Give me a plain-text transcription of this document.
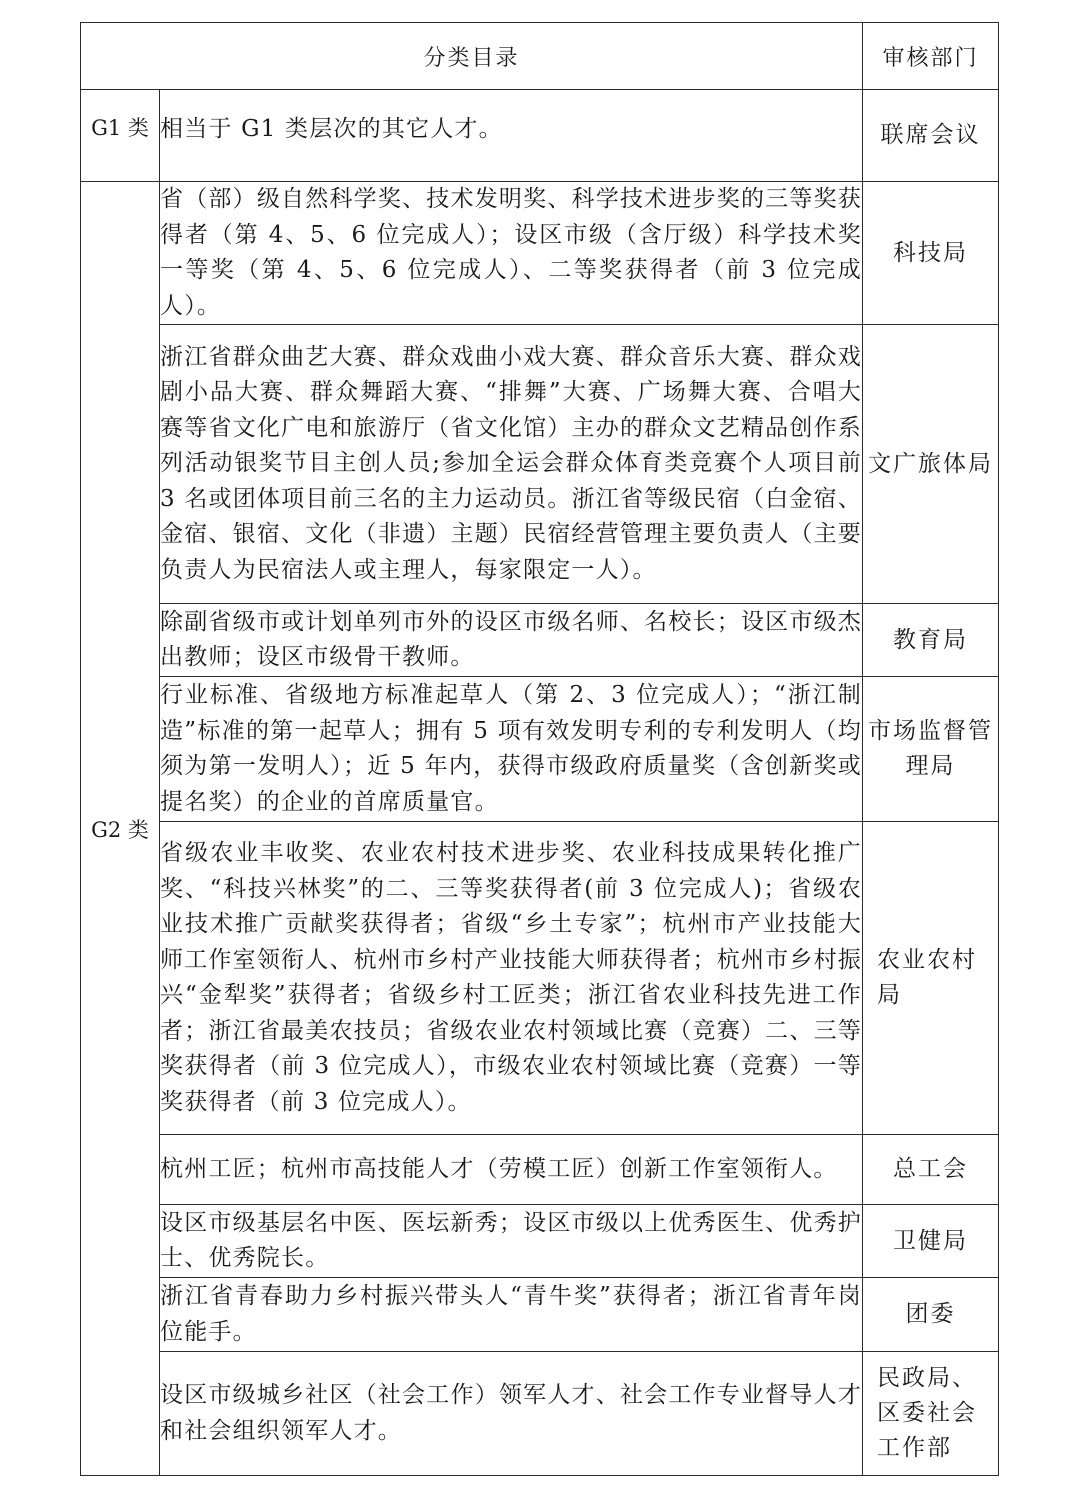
分类目录		审核部门
G1 类	相当于 G1 类层次的其它人才。	联席会议
G2 类	省（部）级自然科学奖、技术发明奖、科学技术进步奖的三等奖获得者（第 4、5、6 位完成人）；设区市级（含厅级）科学技术奖一等奖（第 4、5、6 位完成人）、二等奖获得者（前 3 位完成人）。	科技局
	浙江省群众曲艺大赛、群众戏曲小戏大赛、群众音乐大赛、群众戏剧小品大赛、群众舞蹈大赛、“排舞”大赛、广场舞大赛、合唱大赛等省文化广电和旅游厅（省文化馆）主办的群众文艺精品创作系列活动银奖节目主创人员;参加全运会群众体育类竞赛个人项目前 3 名或团体项目前三名的主力运动员。浙江省等级民宿（白金宿、金宿、银宿、文化（非遗）主题）民宿经营管理主要负责人（主要负责人为民宿法人或主理人，每家限定一人）。	文广旅体局
	除副省级市或计划单列市外的设区市级名师、名校长；设区市级杰出教师；设区市级骨干教师。	教育局
	行业标准、省级地方标准起草人（第 2、3 位完成人）；“浙江制造”标准的第一起草人；拥有 5 项有效发明专利的专利发明人（均须为第一发明人）；近 5 年内，获得市级政府质量奖（含创新奖或提名奖）的企业的首席质量官。	市场监督管理局
	省级农业丰收奖、农业农村技术进步奖、农业科技成果转化推广奖、“科技兴林奖”的二、三等奖获得者(前 3 位完成人)；省级农业技术推广贡献奖获得者；省级“乡土专家”；杭州市产业技能大师工作室领衔人、杭州市乡村产业技能大师获得者；杭州市乡村振兴“金犁奖”获得者；省级乡村工匠类；浙江省农业科技先进工作者；浙江省最美农技员；省级农业农村领域比赛（竞赛）二、三等奖获得者（前 3 位完成人），市级农业农村领域比赛（竞赛）一等奖获得者（前 3 位完成人）。	农业农村局
	杭州工匠；杭州市高技能人才（劳模工匠）创新工作室领衔人。	总工会
	设区市级基层名中医、医坛新秀；设区市级以上优秀医生、优秀护士、优秀院长。	卫健局
	浙江省青春助力乡村振兴带头人“青牛奖”获得者；浙江省青年岗位能手。	团委
	设区市级城乡社区（社会工作）领军人才、社会工作专业督导人才和社会组织领军人才。	民政局、区委社会工作部
